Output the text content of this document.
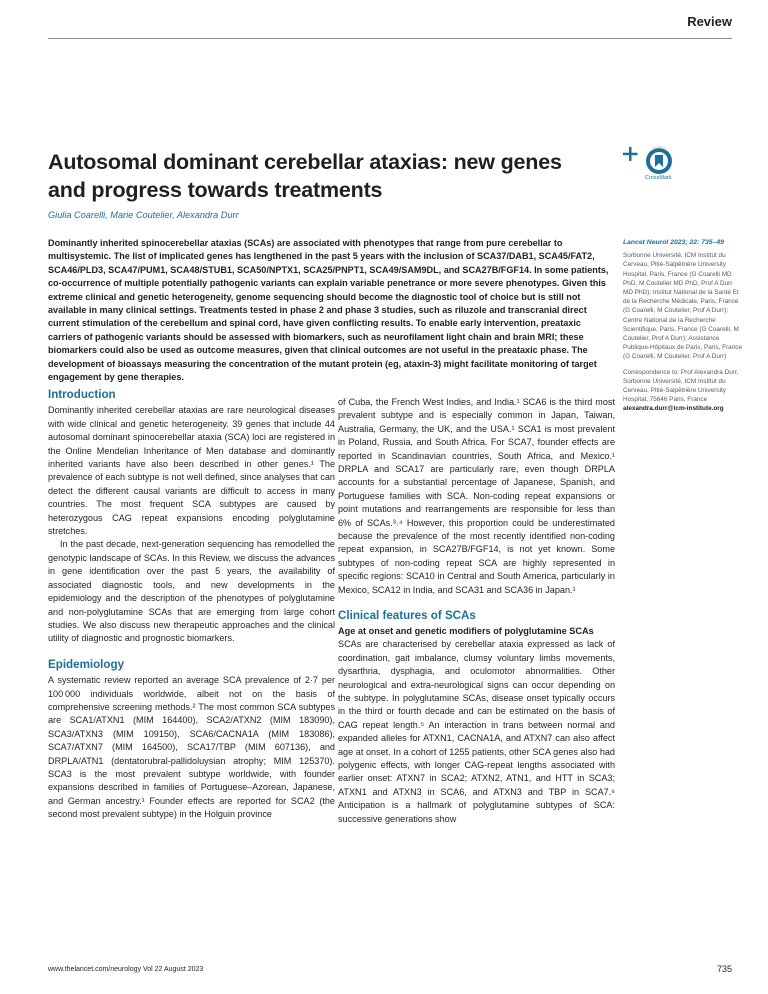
Review
Autosomal dominant cerebellar ataxias: new genes and progress towards treatments	CrossMark
Giulia Coarelli, Marie Coutelier, Alexandra Durr

Dominantly inherited spinocerebellar ataxias (SCAs) are associated with phenotypes that range from pure cerebellar to multisystemic. The list of implicated genes has lengthened in the past 5 years with the inclusion of SCA37/DAB1, SCA45/FAT2, SCA46/PLD3, SCA47/PUM1, SCA48/STUB1, SCA50/NPTX1, SCA25/PNPT1, SCA49/SAM9DL, and SCA27B/FGF14. In some patients, co-occurrence of multiple potentially pathogenic variants can explain variable penetrance or more severe phenotypes. Given this extreme clinical and genetic heterogeneity, genome sequencing should become the diagnostic tool of choice but is still not available in many clinical settings. Treatments tested in phase 2 and phase 3 studies, such as riluzole and transcranial direct current stimulation of the cerebellum and spinal cord, have given conflicting results. To enable early intervention, preataxic carriers of pathogenic variants should be assessed with biomarkers, such as neurofilament light chain and brain MRI; these biomarkers could also be used as outcome measures, given that clinical outcomes are not useful in the preataxic phase. The development of bioassays measuring the concentration of the mutant protein (eg, ataxin-3) might facilitate monitoring of target engagement by gene therapies.

Introduction

Dominantly inherited cerebellar ataxias are rare neurological diseases with wide clinical and genetic heterogeneity. 39 genes that include 44 autosomal dominant spinocerebellar ataxia (SCA) loci are registered in the Online Mendelian Inheritance of Men database and dominantly inherited variants have also been described in other genes.¹ The prevalence of each subtype is not well defined, since analyses that can detect the different causal variants are difficult to access in many countries. The most frequent SCA subtypes are caused by heterozygous CAG repeat expansions encoding polyglutamine stretches.

In the past decade, next-generation sequencing has remodelled the genotypic landscape of SCAs. In this Review, we discuss the advances in gene identification over the past 5 years, the availability of associated diagnostic tools, and new developments in the epidemiology and the description of the phenotypes of polyglutamine and non-polyglutamine SCAs that are emerging from large cohort studies. We also discuss new therapeutic approaches and the clinical utility of diagnostic and prognostic biomarkers.

Epidemiology

A systematic review reported an average SCA prevalence of 2·7 per 100 000 individuals worldwide, albeit not on the basis of comprehensive screening methods.² The most common SCA subtypes are SCA1/ATXN1 (MIM 164400), SCA2/ATXN2 (MIM 183090), SCA3/ATXN3 (MIM 109150), SCA6/CACNA1A (MIM 183086), SCA7/ATXN7 (MIM 164500), SCA17/TBP (MIM 607136), and DRPLA/ATN1 (dentatorubral-pallidoluysian atrophy; MIM 125370). SCA3 is the most prevalent subtype worldwide, with founder expansions described in families of Portuguese–Azorean, Japanese, and German ancestry.¹ Founder effects are reported for SCA2 (the second most prevalent subtype) in the Holguin province

of Cuba, the French West Indies, and India.¹ SCA6 is the third most prevalent subtype and is especially common in Japan, Taiwan, Australia, Germany, the UK, and the USA.¹ SCA1 is most prevalent in Poland, Russia, and South Africa. For SCA7, founder effects are reported in Scandinavian countries, South Africa, and Mexico.¹ DRPLA and SCA17 are particularly rare, even though DRPLA accounts for a substantial percentage of Japanese, Spanish, and Portuguese families with SCA. Non-coding repeat expansions or point mutations and rearrangements are responsible for less than 6% of SCAs.³˒⁴ However, this proportion could be underestimated because the prevalence of the most recently identified non-coding repeat expansion, in SCA27B/FGF14, is not yet known. Some subtypes of non-coding repeat SCA are highly represented in specific regions: SCA10 in Central and South America, particularly in Mexico, SCA12 in India, and SCA31 and SCA36 in Japan.¹

Clinical features of SCAs
Age at onset and genetic modifiers of polyglutamine SCAs

SCAs are characterised by cerebellar ataxia expressed as lack of coordination, gait imbalance, clumsy voluntary limbs movements, dysarthria, dysphagia, and oculomotor abnormalities. Other neurological and extra-neurological signs can occur depending on the subtype. In polyglutamine SCAs, disease onset typically occurs in the third or fourth decade and can be estimated on the basis of CAG repeat length.⁵ An interaction in trans between normal and expanded alleles for ATXN1, CACNA1A, and ATXN7 can also affect age at onset. In a cohort of 1255 patients, other SCA genes also had polygenic effects, with longer CAG-repeat lengths associated with earlier onset: ATXN7 in SCA2; ATXN2, ATN1, and HTT in SCA3; ATXN1 and ATXN3 in SCA6, and ATXN3 and TBP in SCA7.⁶ Anticipation is a hallmark of polyglutamine subtypes of SCA: successive generations show

Lancet Neurol 2023; 22: 735–49
Sorbonne Université, ICM Institut du Cerveau, Pitié-Salpêtrière University Hospital, Paris, France (G Coarelli MD PhD, M Coutelier MD PhD, Prof A Durr MD PhD); Institut National de la Santé Et de la Recherche Médicale, Paris, France (G Coarelli, M Coutelier, Prof A Durr); Centre National de la Recherche Scientifique, Paris, France (G Coarelli, M Coutelier, Prof A Durr); Assistance Publique-Hôpitaux de Paris, Paris, France (G Coarelli, M Coutelier, Prof A Durr)
Correspondence to: Prof Alexandra Durr, Sorbonne Université, ICM Institut du Cerveau, Pitié-Salpêtrière University Hospital, 75646 Paris, France
alexandra.durr@icm-institute.org
www.thelancet.com/neurology Vol 22 August 2023	735
